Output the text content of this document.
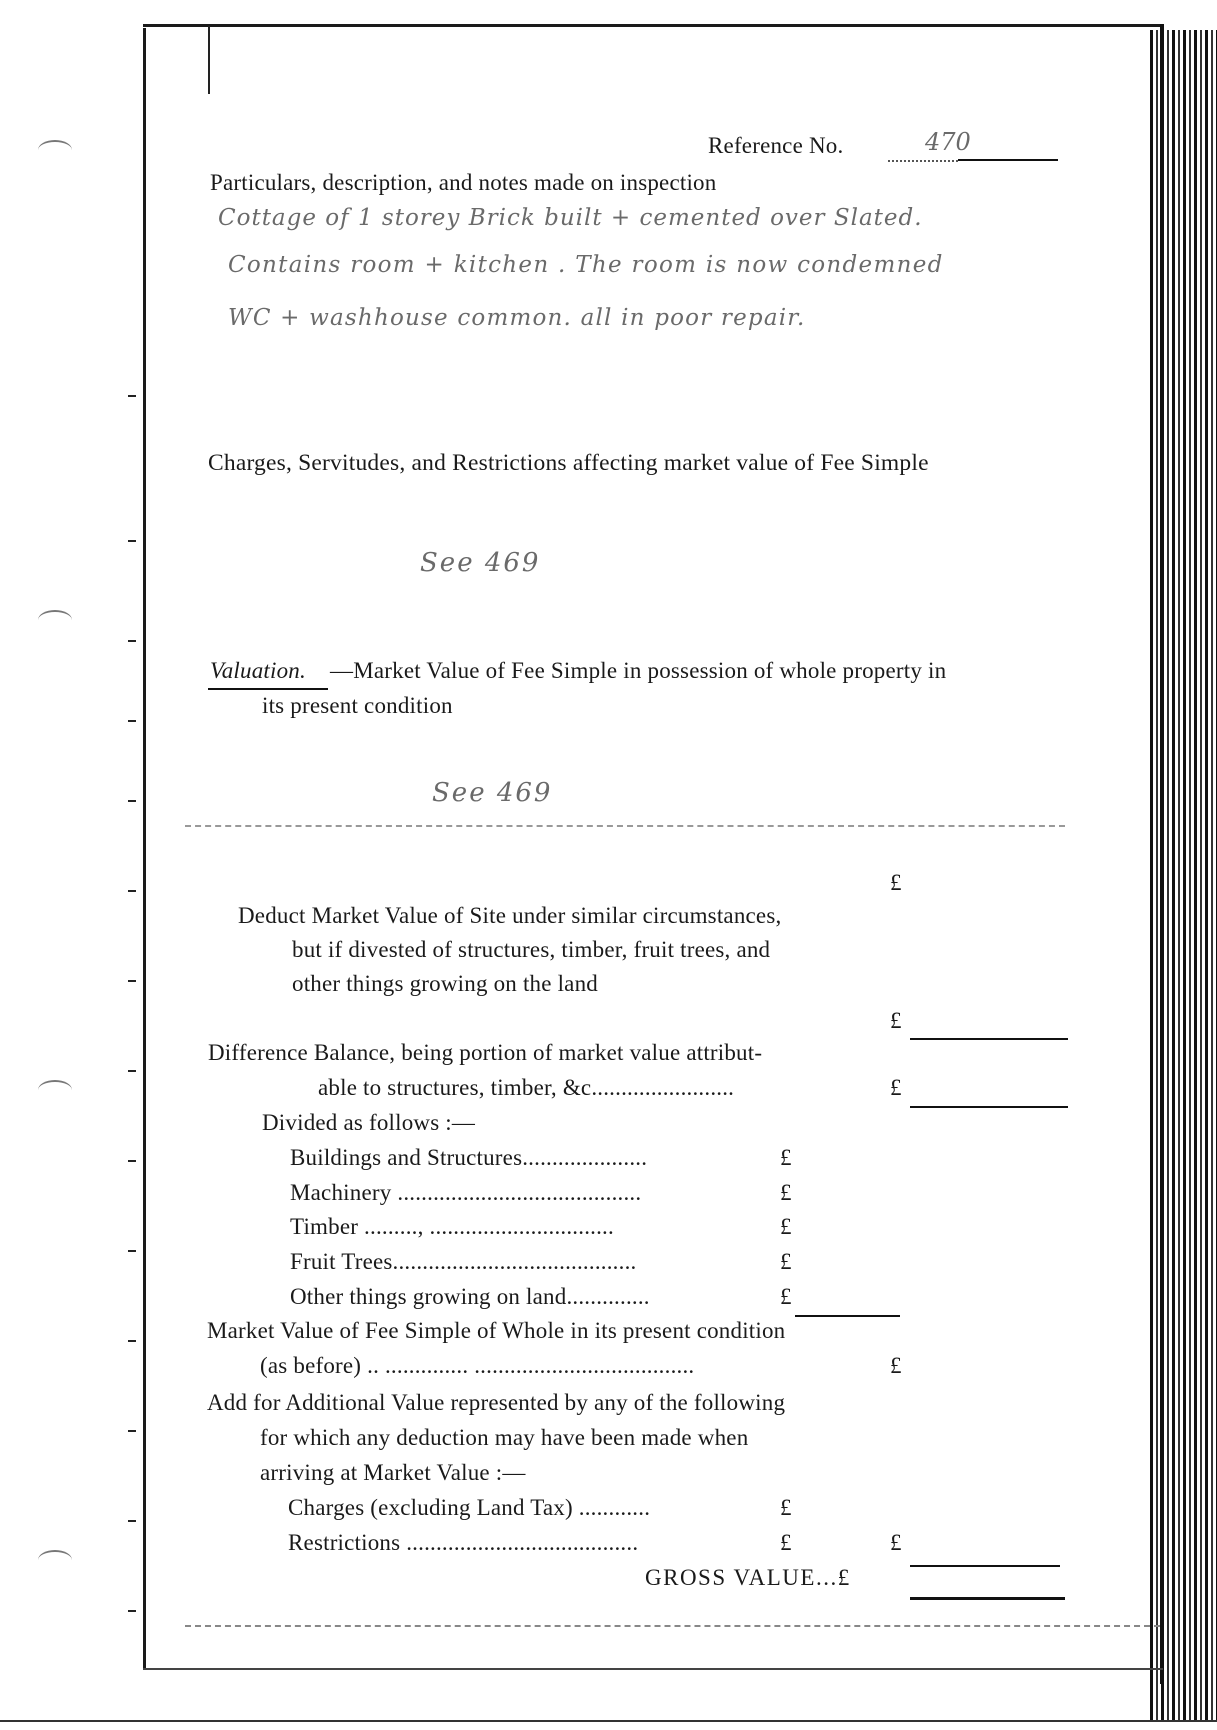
Reference No.	470
Particulars, description, and notes made on inspection
Cottage of 1 storey Brick built + cemented over Slated.
Contains room + kitchen . The room is now condemned
WC + washhouse common. all in poor repair.
Charges, Servitudes, and Restrictions affecting market value of Fee Simple
See 469
Valuation. —Market Value of Fee Simple in possession of whole property in
its present condition
See 469
£
Deduct Market Value of Site under similar circumstances,
but if divested of structures, timber, fruit trees, and
other things growing on the land
£
Difference Balance, being portion of market value attribut-
able to structures, timber, &c........................	£
Divided as follows :—
Buildings and Structures.....................	£
Machinery .........................................	£
Timber ........., ...............................	£
Fruit Trees.........................................	£
Other things growing on land..............	£
Market Value of Fee Simple of Whole in its present condition
(as before) .. .............. .....................................	£
Add for Additional Value represented by any of the following
for which any deduction may have been made when
arriving at Market Value :—
Charges (excluding Land Tax) ............	£
Restrictions .......................................	£	£
GROSS VALUE...£
